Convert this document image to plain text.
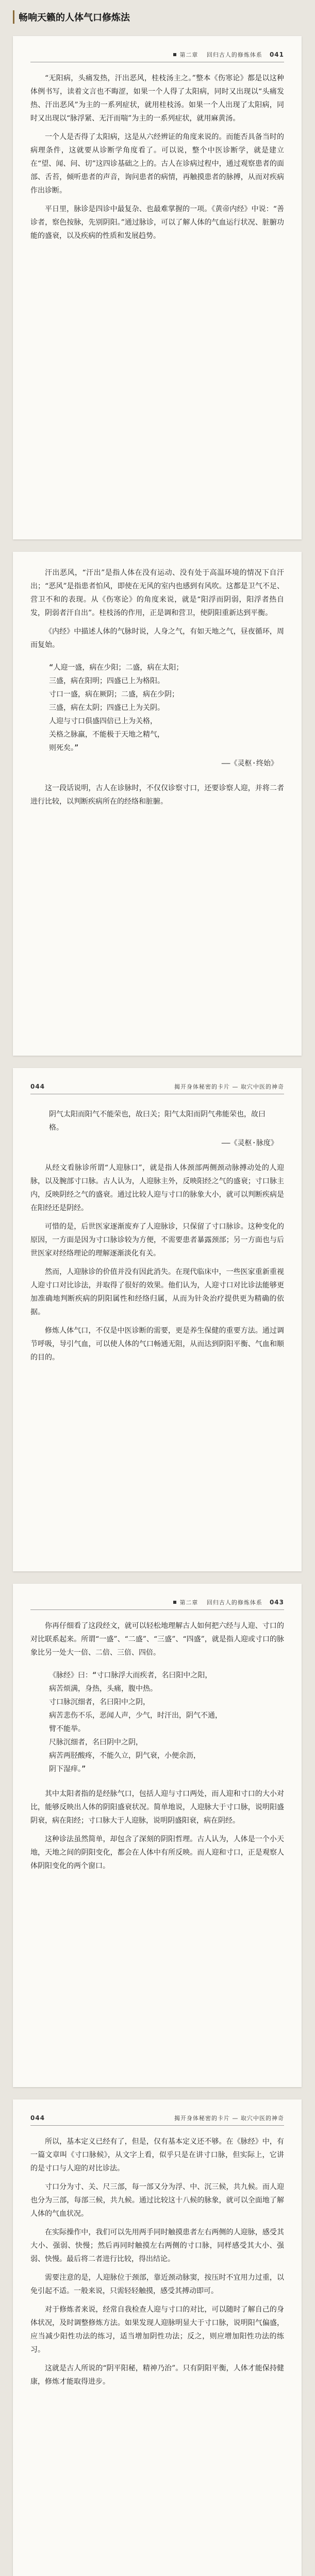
畅响天籁的人体气口修炼法
第二章　 回归古人的修炼体系 041

“无阳病，头痛发热，汗出恶风，桂枝汤主之。”整本《伤寒论》都是以这种体例书写，读着文言也不晦涩，如果一个人得了太阳病，同时又出现以“头痛发热、汗出恶风”为主的一系列症状，就用桂枝汤。如果一个人出现了太阳病，同时又出现以“脉浮紧、无汗而喘”为主的一系列症状，就用麻黄汤。

一个人是否得了太阳病，这是从六经辨证的角度来说的。而能否具备当时的病理条件，这就要从诊断学角度看了。可以说，整个中医诊断学，就是建立在“望、闻、问、切”这四诊基础之上的。古人在诊病过程中，通过观察患者的面部、舌苔，倾听患者的声音，询问患者的病情，再触摸患者的脉搏，从而对疾病作出诊断。

平日里，脉诊是四诊中最复杂、也最难掌握的一项。《黄帝内经》中说：“善诊者，察色按脉，先别阴阳。”通过脉诊，可以了解人体的气血运行状况、脏腑功能的盛衰，以及疾病的性质和发展趋势。

汗出恶风，“汗出”是指人体在没有运动、没有处于高温环境的情况下自汗出；“恶风”是指患者怕风，即使在无风的室内也感到有风吹。这都是卫气不足、营卫不和的表现。从《伤寒论》的角度来说，就是“阳浮而阴弱，阳浮者热自发，阴弱者汗自出”。桂枝汤的作用，正是调和营卫，使阴阳重新达到平衡。

《内经》中描述人体的气脉时说，人身之气，有如天地之气，昼夜循环，周而复始。

“人迎一盛，病在少阳；二盛，病在太阳；
三盛，病在阳明；四盛已上为格阳。
寸口一盛，病在厥阴；二盛，病在少阴；
三盛，病在太阴；四盛已上为关阴。
人迎与寸口俱盛四倍已上为关格，
关格之脉羸，不能极于天地之精气，
则死矣。”
——《灵枢·终始》

这一段话说明，古人在诊脉时，不仅仅诊察寸口，还要诊察人迎，并将二者进行比较，以判断疾病所在的经络和脏腑。

044	揭开身体秘密的卡片 — 取穴中医的神奇
阴气太阳而阳气不能荣也，故曰关；阳气太阳而阴气弗能荣也，故曰格。
——《灵枢·脉度》

从经文看脉诊所谓“人迎脉口”，就是指人体颈部两侧颈动脉搏动处的人迎脉，以及腕部寸口脉。古人认为，人迎脉主外，反映阳经之气的盛衰；寸口脉主内，反映阴经之气的盛衰。通过比较人迎与寸口的脉象大小，就可以判断疾病是在阳经还是阴经。

可惜的是，后世医家逐渐废弃了人迎脉诊，只保留了寸口脉诊。这种变化的原因，一方面是因为寸口脉诊较为方便，不需要患者暴露颈部；另一方面也与后世医家对经络理论的理解逐渐淡化有关。

然而，人迎脉诊的价值并没有因此消失。在现代临床中，一些医家重新重视人迎寸口对比诊法，并取得了很好的效果。他们认为，人迎寸口对比诊法能够更加准确地判断疾病的阴阳属性和经络归属，从而为针灸治疗提供更为精确的依据。

修炼人体气口，不仅是中医诊断的需要，更是养生保健的重要方法。通过调节呼吸，导引气血，可以使人体的气口畅通无阻，从而达到阴阳平衡、气血和顺的目的。

第二章　 回归古人的修炼体系 043

你再仔细看了这段经文，就可以轻松地理解古人如何把六经与人迎、寸口的对比联系起来。所谓“一盛”、“二盛”、“三盛”、“四盛”，就是指人迎或寸口的脉象比另一处大一倍、二倍、三倍、四倍。

《脉经》曰：“寸口脉浮大而疾者，名曰阳中之阳，
病苦烦满，身热，头痛，腹中热。
寸口脉沉细者，名曰阳中之阴，
病苦悲伤不乐，恶闻人声，少气，时汗出，阴气不通，
臂不能举。
尺脉沉细者，名曰阴中之阴，
病苦两胫酸疼，不能久立，阴气衰，小便余沥，
阴下湿痒。”

其中太阳者指的是经脉气口，包括人迎与寸口两处，而人迎和寸口的大小对比，能够反映出人体的阴阳盛衰状况。简单地说，人迎脉大于寸口脉，说明阳盛阴衰，病在阳经；寸口脉大于人迎脉，说明阴盛阳衰，病在阴经。

这种诊法虽然简单，却包含了深刻的阴阳哲理。古人认为，人体是一个小天地，天地之间的阴阳变化，都会在人体中有所反映。而人迎和寸口，正是观察人体阴阳变化的两个窗口。

044	揭开身体秘密的卡片 — 取穴中医的神奇

所以，基本定义已经有了，但是，仅有基本定义还不够。在《脉经》中，有一篇文章叫《寸口脉候》，从文字上看，似乎只是在讲寸口脉，但实际上，它讲的是寸口与人迎的对比诊法。

寸口分为寸、关、尺三部，每一部又分为浮、中、沉三候，共九候。而人迎也分为三部，每部三候，共九候。通过比较这十八候的脉象，就可以全面地了解人体的气血状况。

在实际操作中，我们可以先用两手同时触摸患者左右两侧的人迎脉，感受其大小、强弱、快慢；然后再同时触摸左右两侧的寸口脉，同样感受其大小、强弱、快慢。最后将二者进行比较，得出结论。

需要注意的是，人迎脉位于颈部，靠近颈动脉窦，按压时不宜用力过重，以免引起不适。一般来说，只需轻轻触摸，感受其搏动即可。

对于修炼者来说，经常自我检查人迎与寸口的对比，可以随时了解自己的身体状况，及时调整修炼方法。如果发现人迎脉明显大于寸口脉，说明阳气偏盛，应当减少阳性功法的练习，适当增加阴性功法；反之，则应增加阳性功法的练习。

这就是古人所说的“阴平阳秘，精神乃治”。只有阴阳平衡，人体才能保持健康，修炼才能取得进步。
